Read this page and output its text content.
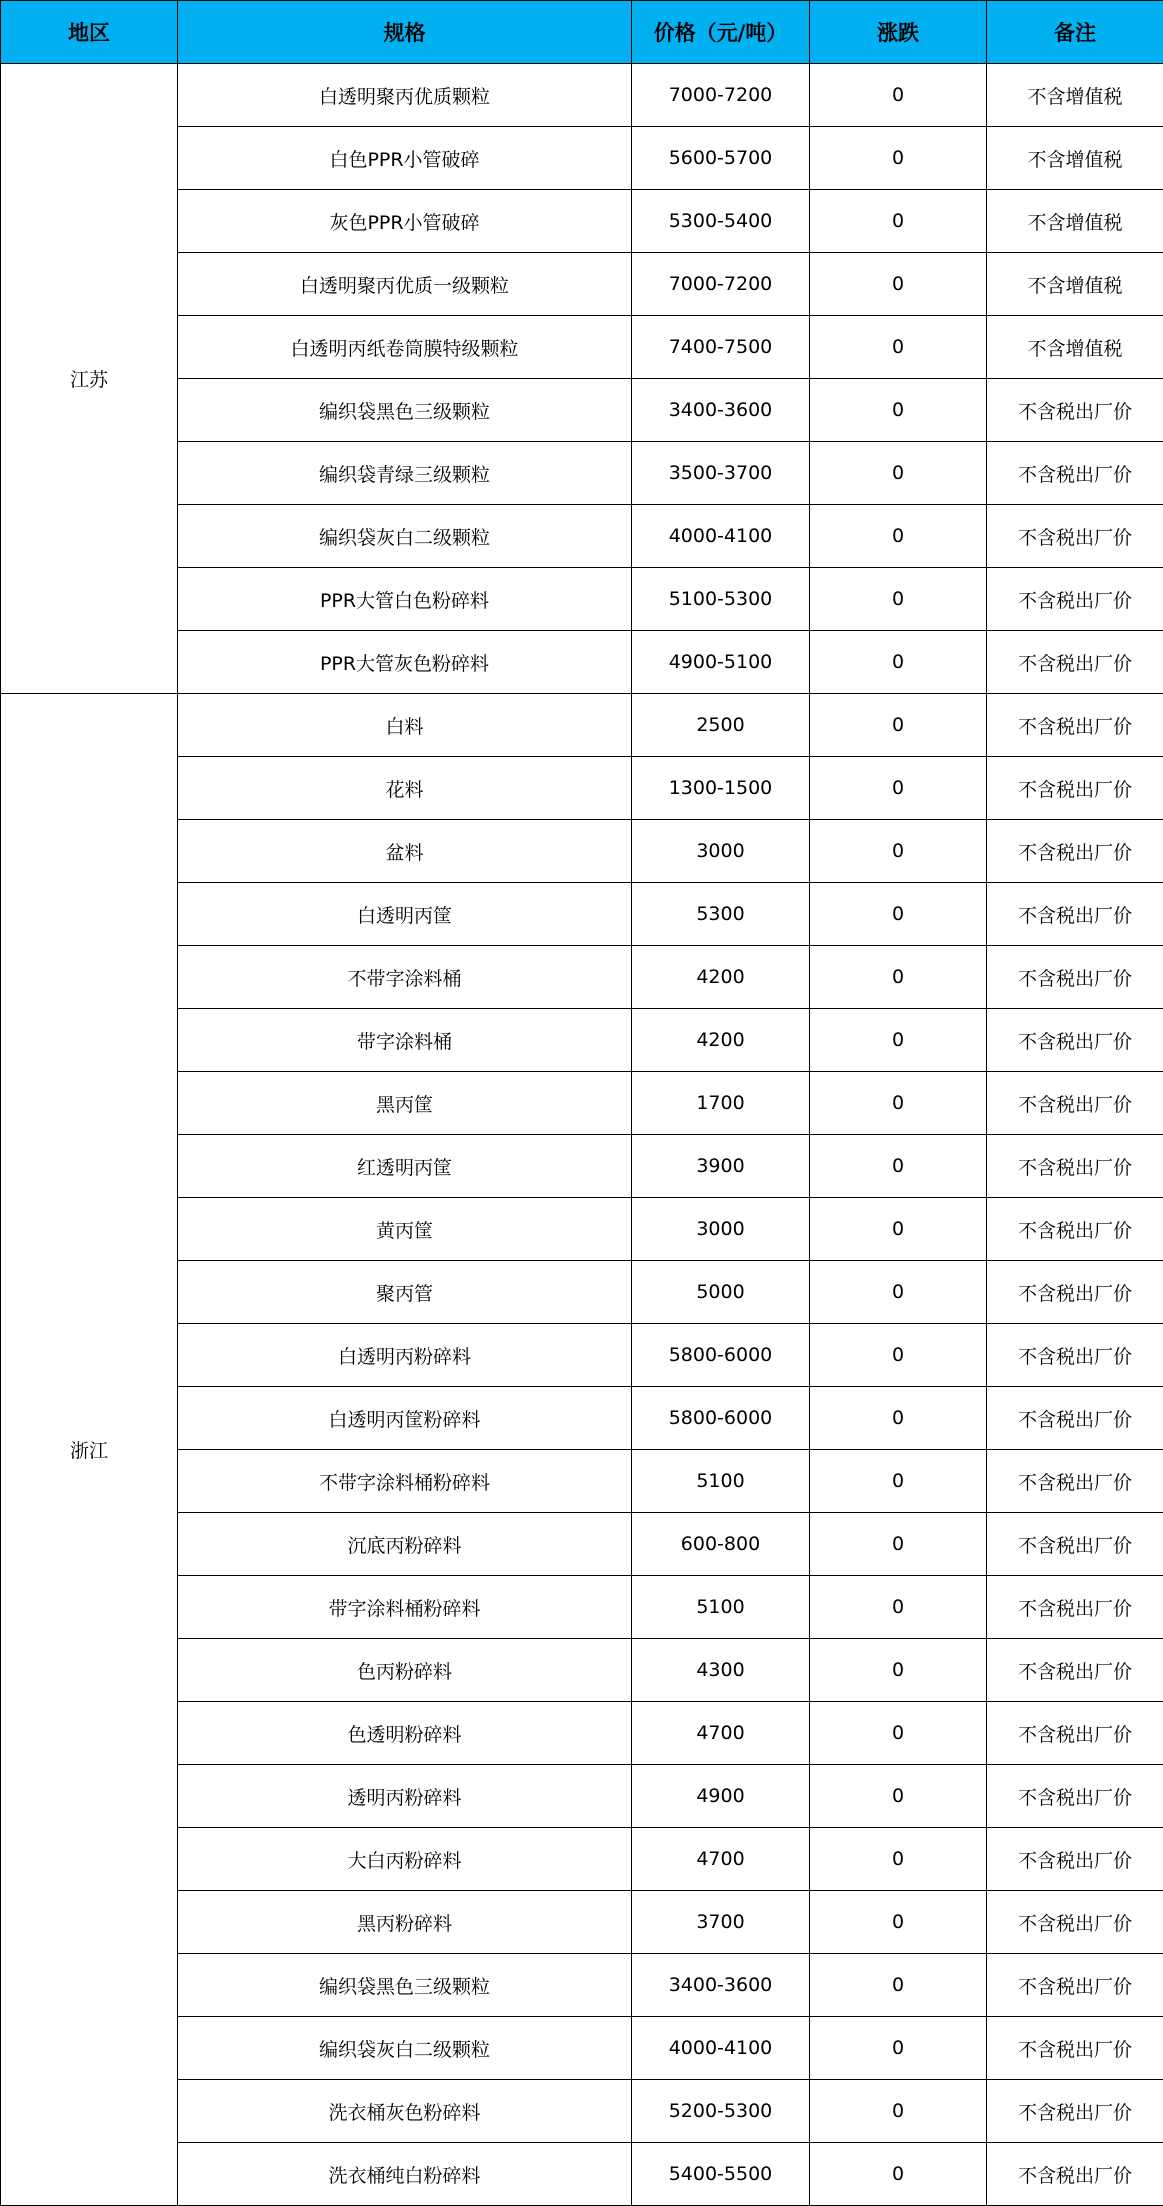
地区	规格	价格（元/吨）	涨跌	备注
江苏	白透明聚丙优质颗粒	7000-7200	0	不含增值税
	白色PPR小管破碎	5600-5700	0	不含增值税
	灰色PPR小管破碎	5300-5400	0	不含增值税
	白透明聚丙优质一级颗粒	7000-7200	0	不含增值税
	白透明丙纸卷筒膜特级颗粒	7400-7500	0	不含增值税
	编织袋黑色三级颗粒	3400-3600	0	不含税出厂价
	编织袋青绿三级颗粒	3500-3700	0	不含税出厂价
	编织袋灰白二级颗粒	4000-4100	0	不含税出厂价
	PPR大管白色粉碎料	5100-5300	0	不含税出厂价
	PPR大管灰色粉碎料	4900-5100	0	不含税出厂价
浙江	白料	2500	0	不含税出厂价
	花料	1300-1500	0	不含税出厂价
	盆料	3000	0	不含税出厂价
	白透明丙筐	5300	0	不含税出厂价
	不带字涂料桶	4200	0	不含税出厂价
	带字涂料桶	4200	0	不含税出厂价
	黑丙筐	1700	0	不含税出厂价
	红透明丙筐	3900	0	不含税出厂价
	黄丙筐	3000	0	不含税出厂价
	聚丙管	5000	0	不含税出厂价
	白透明丙粉碎料	5800-6000	0	不含税出厂价
	白透明丙筐粉碎料	5800-6000	0	不含税出厂价
	不带字涂料桶粉碎料	5100	0	不含税出厂价
	沉底丙粉碎料	600-800	0	不含税出厂价
	带字涂料桶粉碎料	5100	0	不含税出厂价
	色丙粉碎料	4300	0	不含税出厂价
	色透明粉碎料	4700	0	不含税出厂价
	透明丙粉碎料	4900	0	不含税出厂价
	大白丙粉碎料	4700	0	不含税出厂价
	黑丙粉碎料	3700	0	不含税出厂价
	编织袋黑色三级颗粒	3400-3600	0	不含税出厂价
	编织袋灰白二级颗粒	4000-4100	0	不含税出厂价
	洗衣桶灰色粉碎料	5200-5300	0	不含税出厂价
	洗衣桶纯白粉碎料	5400-5500	0	不含税出厂价
